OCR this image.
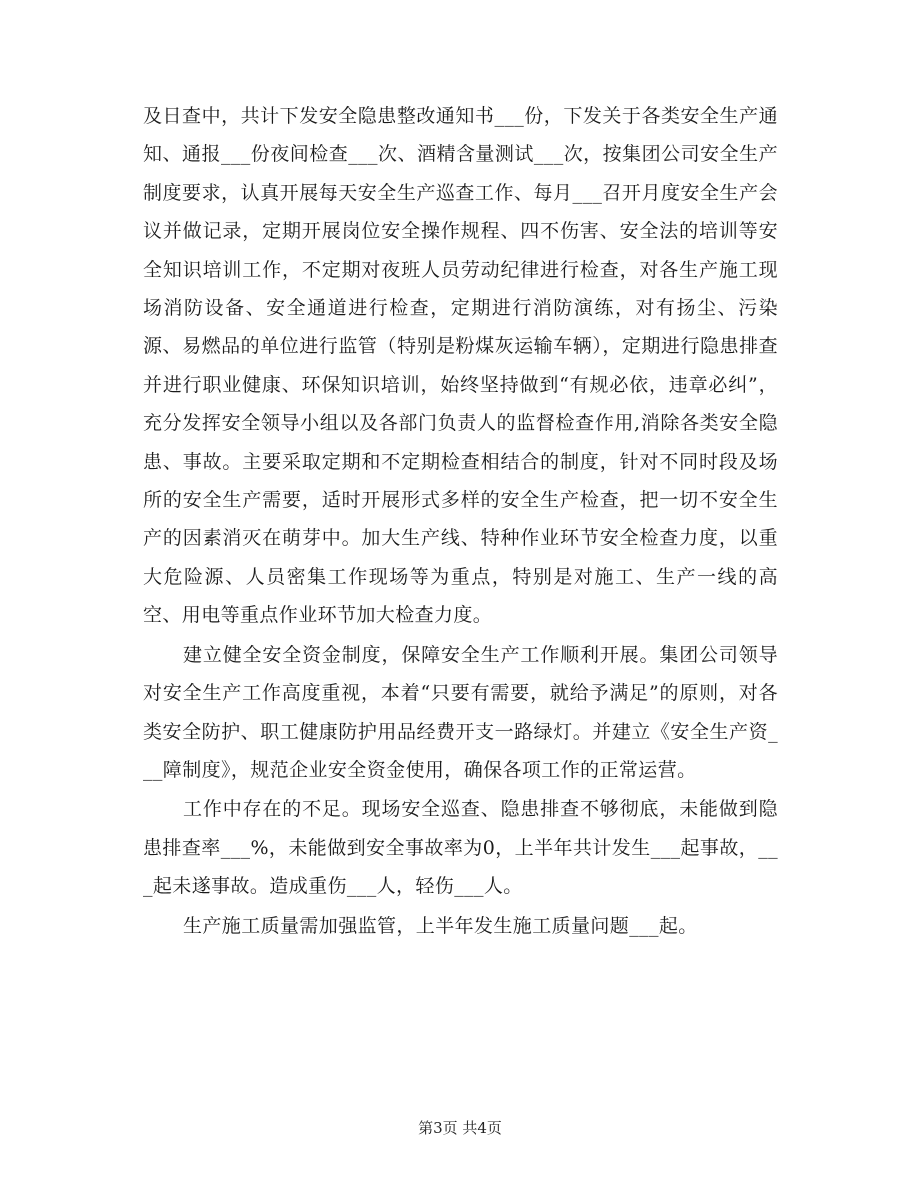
及日查中，共计下发安全隐患整改通知书___份，下发关于各类安全生产通知、通报___份夜间检查___次、酒精含量测试___次，按集团公司安全生产制度要求，认真开展每天安全生产巡查工作、每月___召开月度安全生产会议并做记录，定期开展岗位安全操作规程、四不伤害、安全法的培训等安全知识培训工作，不定期对夜班人员劳动纪律进行检查，对各生产施工现场消防设备、安全通道进行检查，定期进行消防演练，对有扬尘、污染源、易燃品的单位进行监管（特别是粉煤灰运输车辆），定期进行隐患排查并进行职业健康、环保知识培训，始终坚持做到“有规必依，违章必纠”，充分发挥安全领导小组以及各部门负责人的监督检查作用,消除各类安全隐患、事故。主要采取定期和不定期检查相结合的制度，针对不同时段及场所的安全生产需要，适时开展形式多样的安全生产检查，把一切不安全生产的因素消灭在萌芽中。加大生产线、特种作业环节安全检查力度，以重大危险源、人员密集工作现场等为重点，特别是对施工、生产一线的高空、用电等重点作业环节加大检查力度。

建立健全安全资金制度，保障安全生产工作顺利开展。集团公司领导对安全生产工作高度重视，本着“只要有需要，就给予满足”的原则，对各类安全防护、职工健康防护用品经费开支一路绿灯。并建立《安全生产资___障制度》，规范企业安全资金使用，确保各项工作的正常运营。

工作中存在的不足。现场安全巡查、隐患排查不够彻底，未能做到隐患排查率___%，未能做到安全事故率为0，上半年共计发生___起事故，___起未遂事故。造成重伤___人，轻伤___人。

生产施工质量需加强监管，上半年发生施工质量问题___起。

第3页 共4页
